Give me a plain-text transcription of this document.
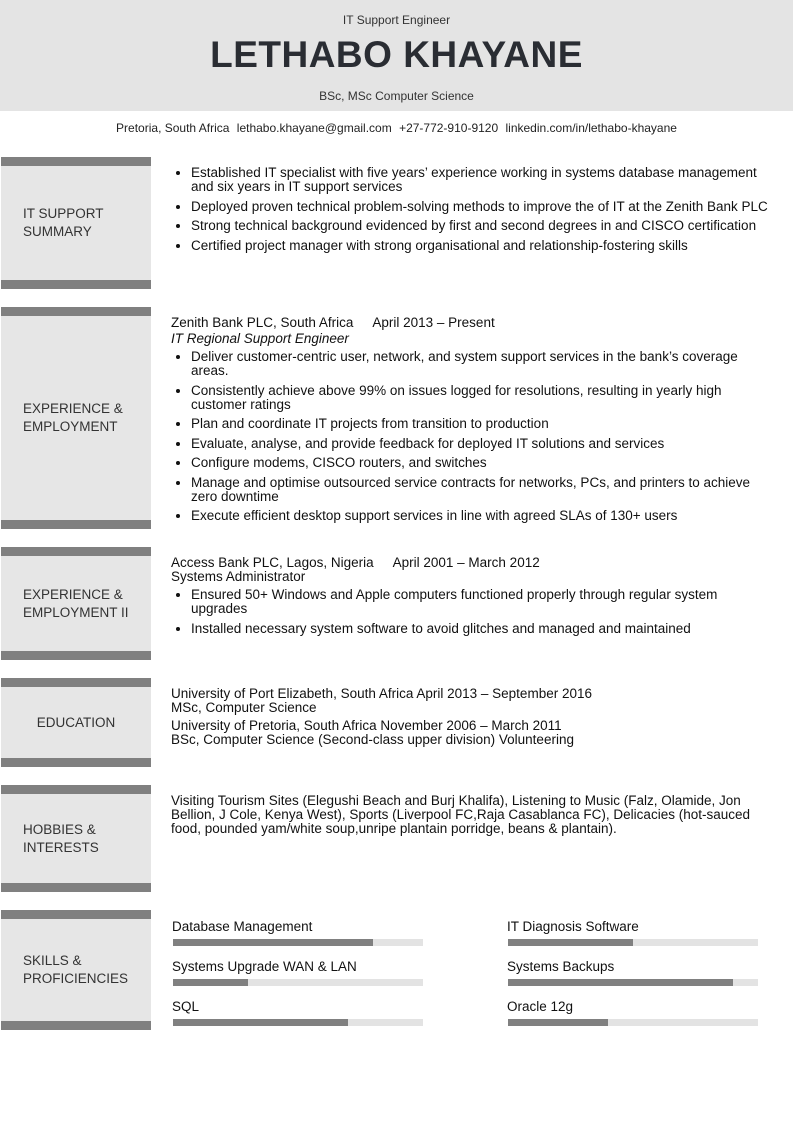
IT Support Engineer
LETHABO KHAYANE
BSc, MSc Computer Science
Pretoria, South Africa lethabo.khayane@gmail.com +27-772-910-9120 linkedin.com/in/lethabo-khayane
IT SUPPORT SUMMARY
• Established IT specialist with five years’ experience working in systems database management and six years in IT support services
• Deployed proven technical problem-solving methods to improve the of IT at the Zenith Bank PLC
• Strong technical background evidenced by first and second degrees in and CISCO certification
• Certified project manager with strong organisational and relationship-fostering skills
EXPERIENCE & EMPLOYMENT
Zenith Bank PLC, South Africa April 2013 – Present
IT Regional Support Engineer
• Deliver customer-centric user, network, and system support services in the bank’s coverage areas.
• Consistently achieve above 99% on issues logged for resolutions, resulting in yearly high customer ratings
• Plan and coordinate IT projects from transition to production
• Evaluate, analyse, and provide feedback for deployed IT solutions and services
• Configure modems, CISCO routers, and switches
• Manage and optimise outsourced service contracts for networks, PCs, and printers to achieve zero downtime
• Execute efficient desktop support services in line with agreed SLAs of 130+ users
EXPERIENCE & EMPLOYMENT II
Access Bank PLC, Lagos, Nigeria April 2001 – March 2012
Systems Administrator
• Ensured 50+ Windows and Apple computers functioned properly through regular system upgrades
• Installed necessary system software to avoid glitches and managed and maintained
EDUCATION
University of Port Elizabeth, South Africa April 2013 – September 2016
MSc, Computer Science
University of Pretoria, South Africa November 2006 – March 2011
BSc, Computer Science (Second-class upper division) Volunteering
HOBBIES & INTERESTS
Visiting Tourism Sites (Elegushi Beach and Burj Khalifa), Listening to Music (Falz, Olamide, Jon Bellion, J Cole, Kenya West), Sports (Liverpool FC,Raja Casablanca FC), Delicacies (hot-sauced food, pounded yam/white soup,unripe plantain porridge, beans & plantain).
SKILLS & PROFICIENCIES
Database Management	IT Diagnosis Software
Systems Upgrade WAN & LAN	Systems Backups
SQL	Oracle 12g
